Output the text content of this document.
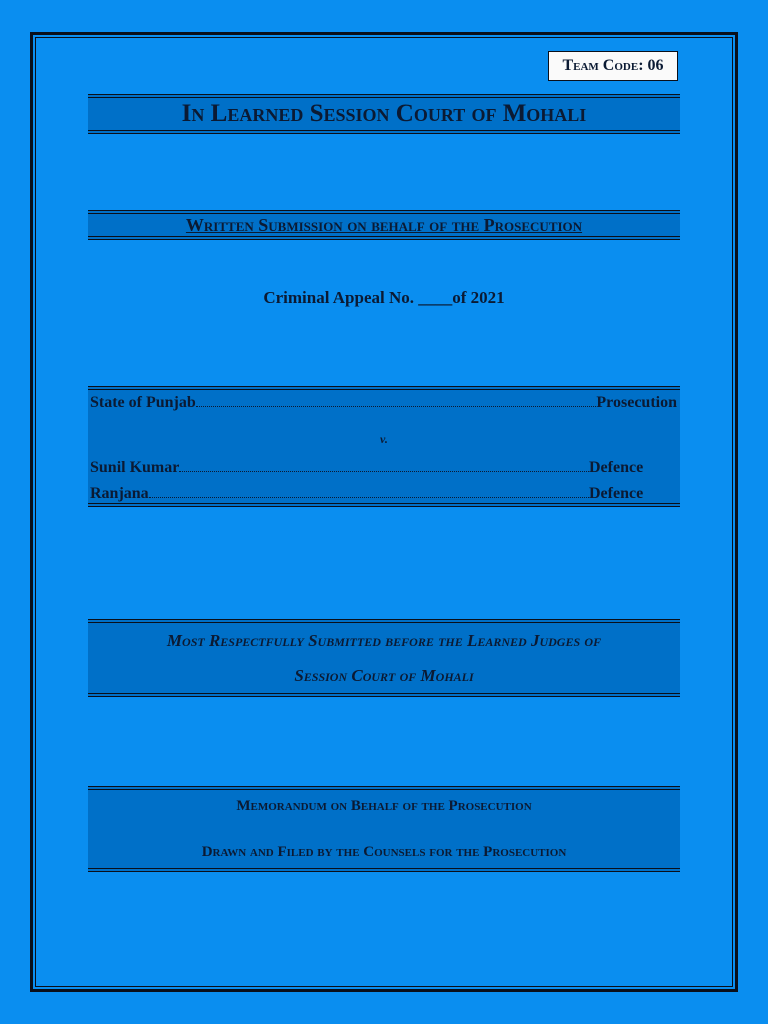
Team Code: 06
In Learned Session Court of Mohali
Written Submission on behalf of the Prosecution
Criminal Appeal No. ____of 2021
State of Punjab	Prosecution
v.
Sunil Kumar	Defence
Ranjana	Defence
Most Respectfully Submitted before the Learned Judges of
Session Court of Mohali
Memorandum on Behalf of the Prosecution
Drawn and Filed by the Counsels for the Prosecution
